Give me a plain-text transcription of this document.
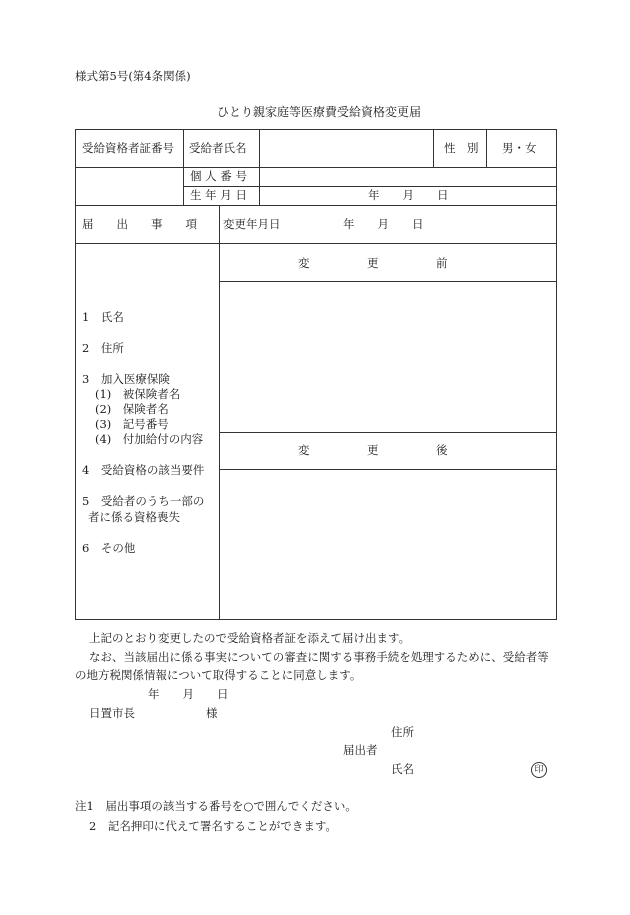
様式第5号(第4条関係)
ひとり親家庭等医療費受給資格変更届
受給資格者証番号 受給者氏名	性　別 男・女
個 人 番 号
生 年 月 日	年　　月　　日
届　　出　　事　　項 変更年月日	年　　月　　日
変　　　　　更　　　　　前
変　　　　　更　　　　　後
1　氏名
2　住所
3　加入医療保険
(1)　被保険者名
(2)　保険者名
(3)　記号番号
(4)　付加給付の内容
4　受給資格の該当要件
5　受給者のうち一部の
者に係る資格喪失
6　その他
上記のとおり変更したので受給資格者証を添えて届け出ます。
なお、当該届出に係る事実についての審査に関する事務手続を処理するために、受給者等
の地方税関係情報について取得することに同意します。
年　　月　　日
日置市長	様
住所
届出者
氏名	印
注1　届出事項の該当する番号を○で囲んでください。
2　記名押印に代えて署名することができます。
